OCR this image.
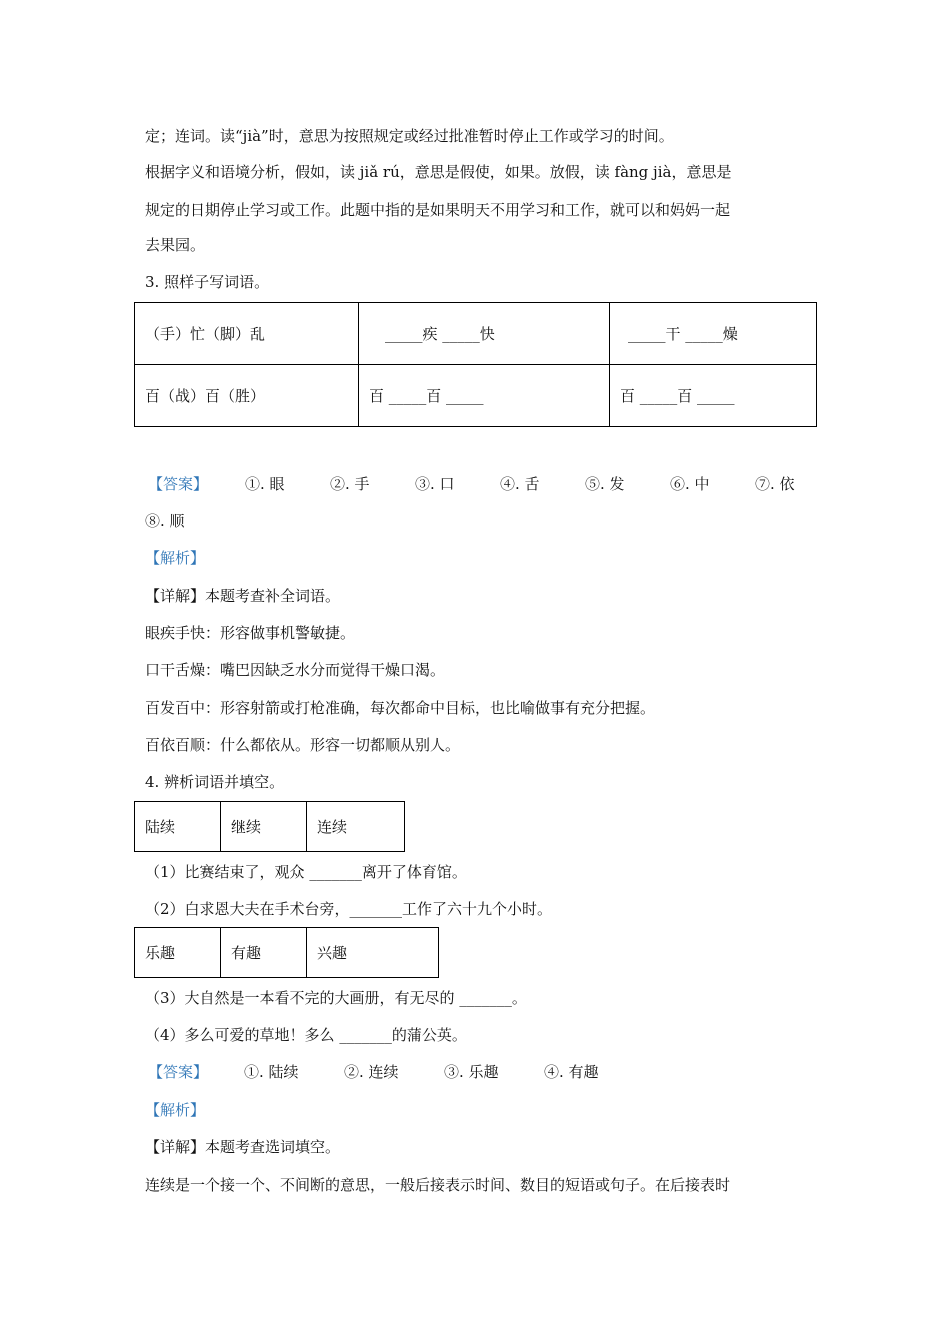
定；连词。读“jià”时，意思为按照规定或经过批准暂时停止工作或学习的时间。
根据字义和语境分析，假如，读 jiǎ rú，意思是假使，如果。放假，读 fàng jià，意思是
规定的日期停止学习或工作。此题中指的是如果明天不用学习和工作，就可以和妈妈一起
去果园。
3. 照样子写词语。
（手）忙（脚）乱	_____疾 _____快	_____干 _____燥
百（战）百（胜）	百 _____百 _____	百 _____百 _____
【答案】 ①. 眼	②. 手	③. 口	④. 舌	⑤. 发	⑥. 中	⑦. 依
⑧. 顺
【解析】
【详解】本题考查补全词语。
眼疾手快：形容做事机警敏捷。
口干舌燥：嘴巴因缺乏水分而觉得干燥口渴。
百发百中：形容射箭或打枪准确，每次都命中目标，也比喻做事有充分把握。
百依百顺：什么都依从。形容一切都顺从别人。
4. 辨析词语并填空。
陆续	继续	连续
（1）比赛结束了，观众 _______离开了体育馆。
（2）白求恩大夫在手术台旁，_______工作了六十九个小时。
乐趣	有趣	兴趣
（3）大自然是一本看不完的大画册，有无尽的 _______。
（4）多么可爱的草地！多么 _______的蒲公英。
【答案】 ①. 陆续	②. 连续	③. 乐趣	④. 有趣
【解析】
【详解】本题考查选词填空。
连续是一个接一个、不间断的意思，一般后接表示时间、数目的短语或句子。在后接表时
